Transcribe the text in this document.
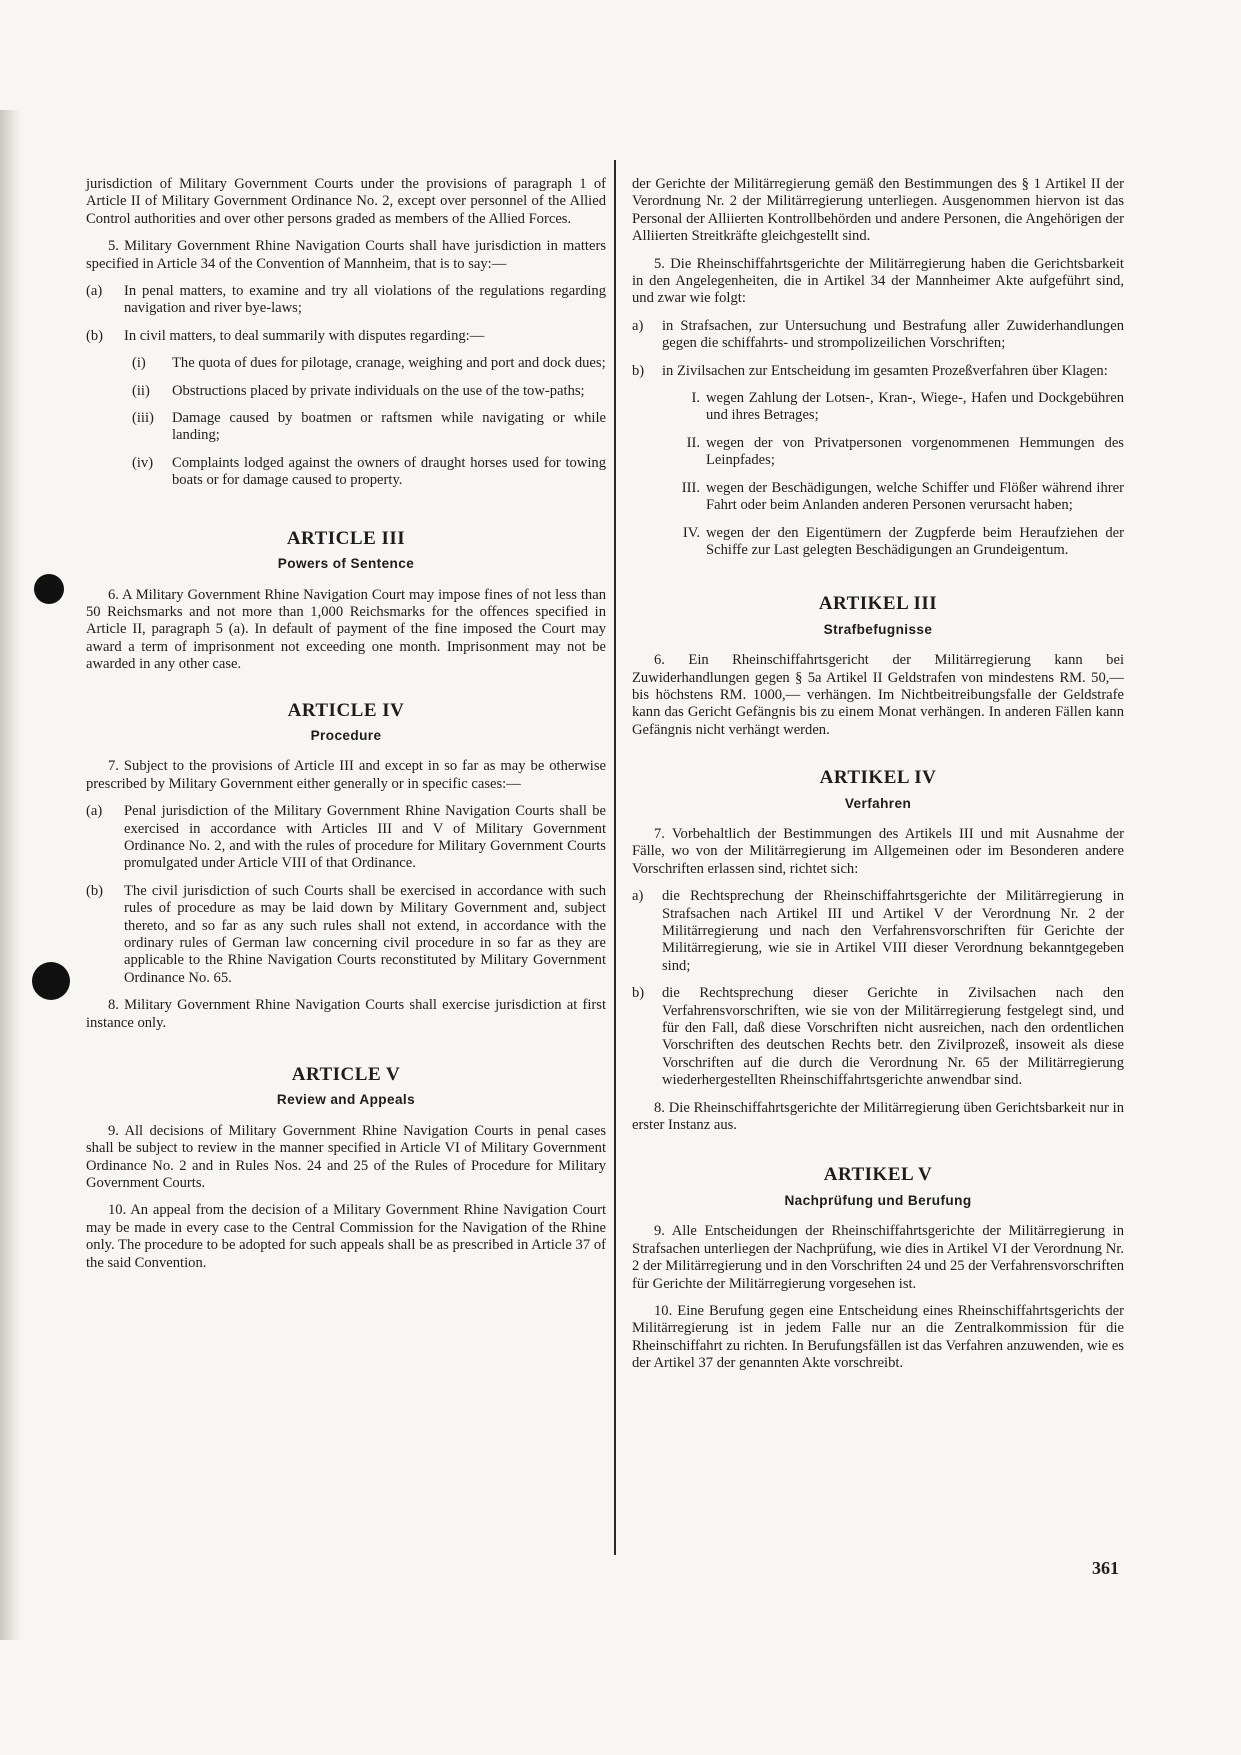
jurisdiction of Military Government Courts under the provisions of paragraph 1 of Article II of Military Government Ordinance No. 2, except over personnel of the Allied Control authorities and over other persons graded as members of the Allied Forces.

5. Military Government Rhine Navigation Courts shall have jurisdiction in matters specified in Article 34 of the Convention of Mannheim, that is to say:—

(a)	In penal matters, to examine and try all violations of the regulations regarding navigation and river bye-laws;
(b)	In civil matters, to deal summarily with disputes regarding:—
(i)	The quota of dues for pilotage, cranage, weighing and port and dock dues;
(ii)	Obstructions placed by private individuals on the use of the tow-paths;
(iii)	Damage caused by boatmen or raftsmen while navigating or while landing;
(iv)	Complaints lodged against the owners of draught horses used for towing boats or for damage caused to property.
ARTICLE III
Powers of Sentence

6. A Military Government Rhine Navigation Court may impose fines of not less than 50 Reichsmarks and not more than 1,000 Reichsmarks for the offences specified in Article II, paragraph 5 (a). In default of payment of the fine imposed the Court may award a term of imprisonment not exceeding one month. Imprisonment may not be awarded in any other case.

ARTICLE IV
Procedure

7. Subject to the provisions of Article III and except in so far as may be otherwise prescribed by Military Government either generally or in specific cases:—

(a)	Penal jurisdiction of the Military Government Rhine Navigation Courts shall be exercised in accordance with Articles III and V of Military Government Ordinance No. 2, and with the rules of procedure for Military Government Courts promulgated under Article VIII of that Ordinance.
(b)	The civil jurisdiction of such Courts shall be exercised in accordance with such rules of procedure as may be laid down by Military Government and, subject thereto, and so far as any such rules shall not extend, in accordance with the ordinary rules of German law concerning civil procedure in so far as they are applicable to the Rhine Navigation Courts reconstituted by Military Government Ordinance No. 65.

8. Military Government Rhine Navigation Courts shall exercise jurisdiction at first instance only.

ARTICLE V
Review and Appeals

9. All decisions of Military Government Rhine Navigation Courts in penal cases shall be subject to review in the manner specified in Article VI of Military Government Ordinance No. 2 and in Rules Nos. 24 and 25 of the Rules of Procedure for Military Government Courts.

10. An appeal from the decision of a Military Government Rhine Navigation Court may be made in every case to the Central Commission for the Navigation of the Rhine only. The procedure to be adopted for such appeals shall be as prescribed in Article 37 of the said Convention.

der Gerichte der Militärregierung gemäß den Bestimmungen des § 1 Artikel II der Verordnung Nr. 2 der Militärregierung unterliegen. Ausgenommen hiervon ist das Personal der Alliierten Kontrollbehörden und andere Personen, die Angehörigen der Alliierten Streitkräfte gleichgestellt sind.

5. Die Rheinschiffahrtsgerichte der Militärregierung haben die Gerichtsbarkeit in den Angelegenheiten, die in Artikel 34 der Mannheimer Akte aufgeführt sind, und zwar wie folgt:

a)	in Strafsachen, zur Untersuchung und Bestrafung aller Zuwiderhandlungen gegen die schiffahrts- und strompolizeilichen Vorschriften;
b)	in Zivilsachen zur Entscheidung im gesamten Prozeßverfahren über Klagen:
I. wegen Zahlung der Lotsen-, Kran-, Wiege-, Hafen und Dockgebühren und ihres Betrages;
II. wegen der von Privatpersonen vorgenommenen Hemmungen des Leinpfades;
III. wegen der Beschädigungen, welche Schiffer und Flößer während ihrer Fahrt oder beim Anlanden anderen Personen verursacht haben;
IV. wegen der den Eigentümern der Zugpferde beim Heraufziehen der Schiffe zur Last gelegten Beschädigungen an Grundeigentum.
ARTIKEL III
Strafbefugnisse

6. Ein Rheinschiffahrtsgericht der Militärregierung kann bei Zuwiderhandlungen gegen § 5a Artikel II Geldstrafen von mindestens RM. 50,— bis höchstens RM. 1000,— verhängen. Im Nichtbeitreibungsfalle der Geldstrafe kann das Gericht Gefängnis bis zu einem Monat verhängen. In anderen Fällen kann Gefängnis nicht verhängt werden.

ARTIKEL IV
Verfahren

7. Vorbehaltlich der Bestimmungen des Artikels III und mit Ausnahme der Fälle, wo von der Militärregierung im Allgemeinen oder im Besonderen andere Vorschriften erlassen sind, richtet sich:

a)	die Rechtsprechung der Rheinschiffahrtsgerichte der Militärregierung in Strafsachen nach Artikel III und Artikel V der Verordnung Nr. 2 der Militärregierung und nach den Verfahrensvorschriften für Gerichte der Militärregierung, wie sie in Artikel VIII dieser Verordnung bekanntgegeben sind;
b)	die Rechtsprechung dieser Gerichte in Zivilsachen nach den Verfahrensvorschriften, wie sie von der Militärregierung festgelegt sind, und für den Fall, daß diese Vorschriften nicht ausreichen, nach den ordentlichen Vorschriften des deutschen Rechts betr. den Zivilprozeß, insoweit als diese Vorschriften auf die durch die Verordnung Nr. 65 der Militärregierung wiederhergestellten Rheinschiffahrtsgerichte anwendbar sind.

8. Die Rheinschiffahrtsgerichte der Militärregierung üben Gerichtsbarkeit nur in erster Instanz aus.

ARTIKEL V
Nachprüfung und Berufung

9. Alle Entscheidungen der Rheinschiffahrtsgerichte der Militärregierung in Strafsachen unterliegen der Nachprüfung, wie dies in Artikel VI der Verordnung Nr. 2 der Militärregierung und in den Vorschriften 24 und 25 der Verfahrensvorschriften für Gerichte der Militärregierung vorgesehen ist.

10. Eine Berufung gegen eine Entscheidung eines Rheinschiffahrtsgerichts der Militärregierung ist in jedem Falle nur an die Zentralkommission für die Rheinschiffahrt zu richten. In Berufungsfällen ist das Verfahren anzuwenden, wie es der Artikel 37 der genannten Akte vorschreibt.

361
